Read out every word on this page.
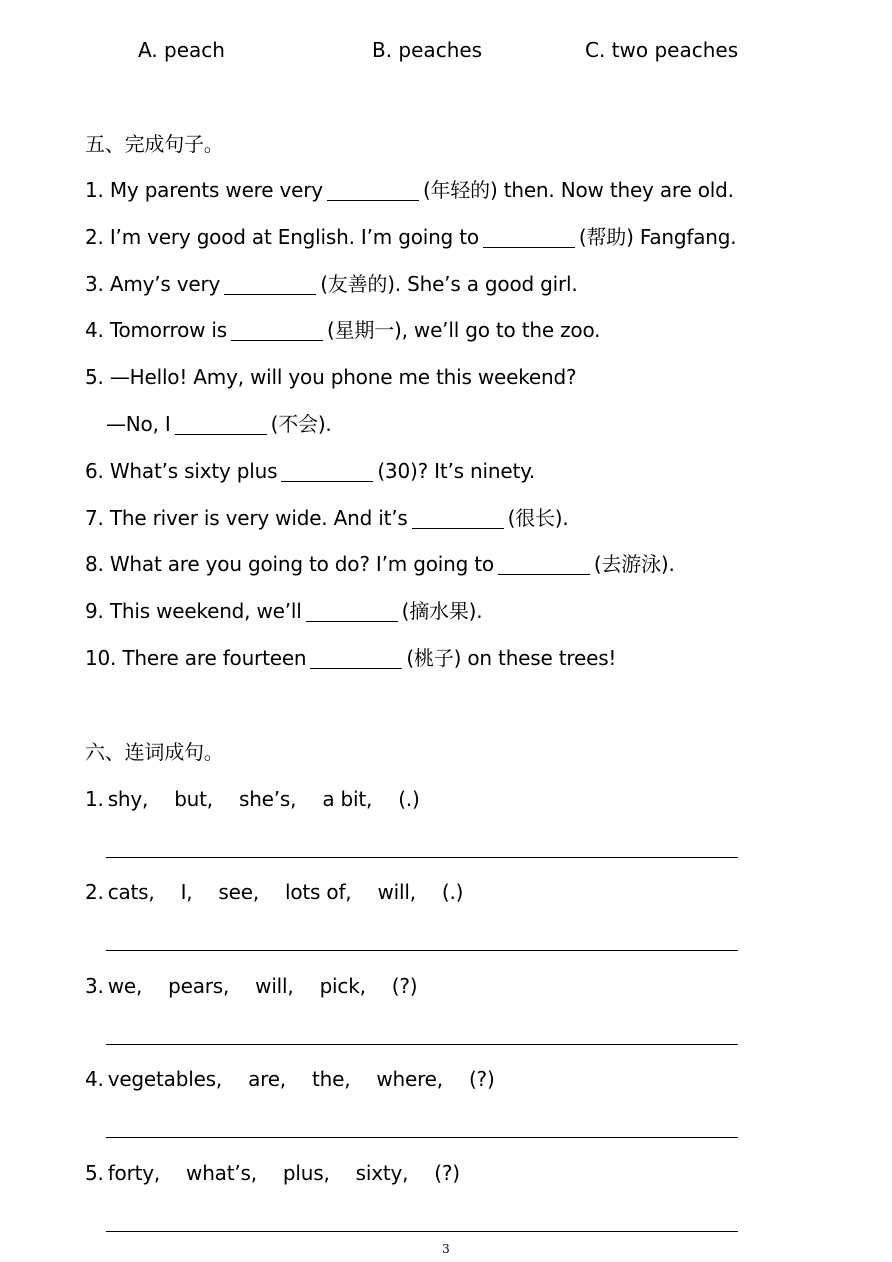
A. peach	B. peaches	C. two peaches
五、完成句子。
1. My parents were very	(年轻的) then. Now they are old.
2. I’m very good at English. I’m going to	(帮助) Fangfang.
3. Amy’s very	(友善的). She’s a good girl.
4. Tomorrow is	(星期一), we’ll go to the zoo.
5. —Hello! Amy, will you phone me this weekend?
—No, I	(不会).
6. What’s sixty plus	(30)? It’s ninety.
7. The river is very wide. And it’s	(很长).
8. What are you going to do? I’m going to	(去游泳).
9. This weekend, we’ll	(摘水果).
10. There are fourteen	(桃子) on these trees!
六、连词成句。
1. shy, but, she’s, a bit, (.)
2. cats, I, see, lots of, will, (.)
3. we, pears, will, pick, (?)
4. vegetables, are, the, where, (?)
5. forty, what’s, plus, sixty, (?)
3
